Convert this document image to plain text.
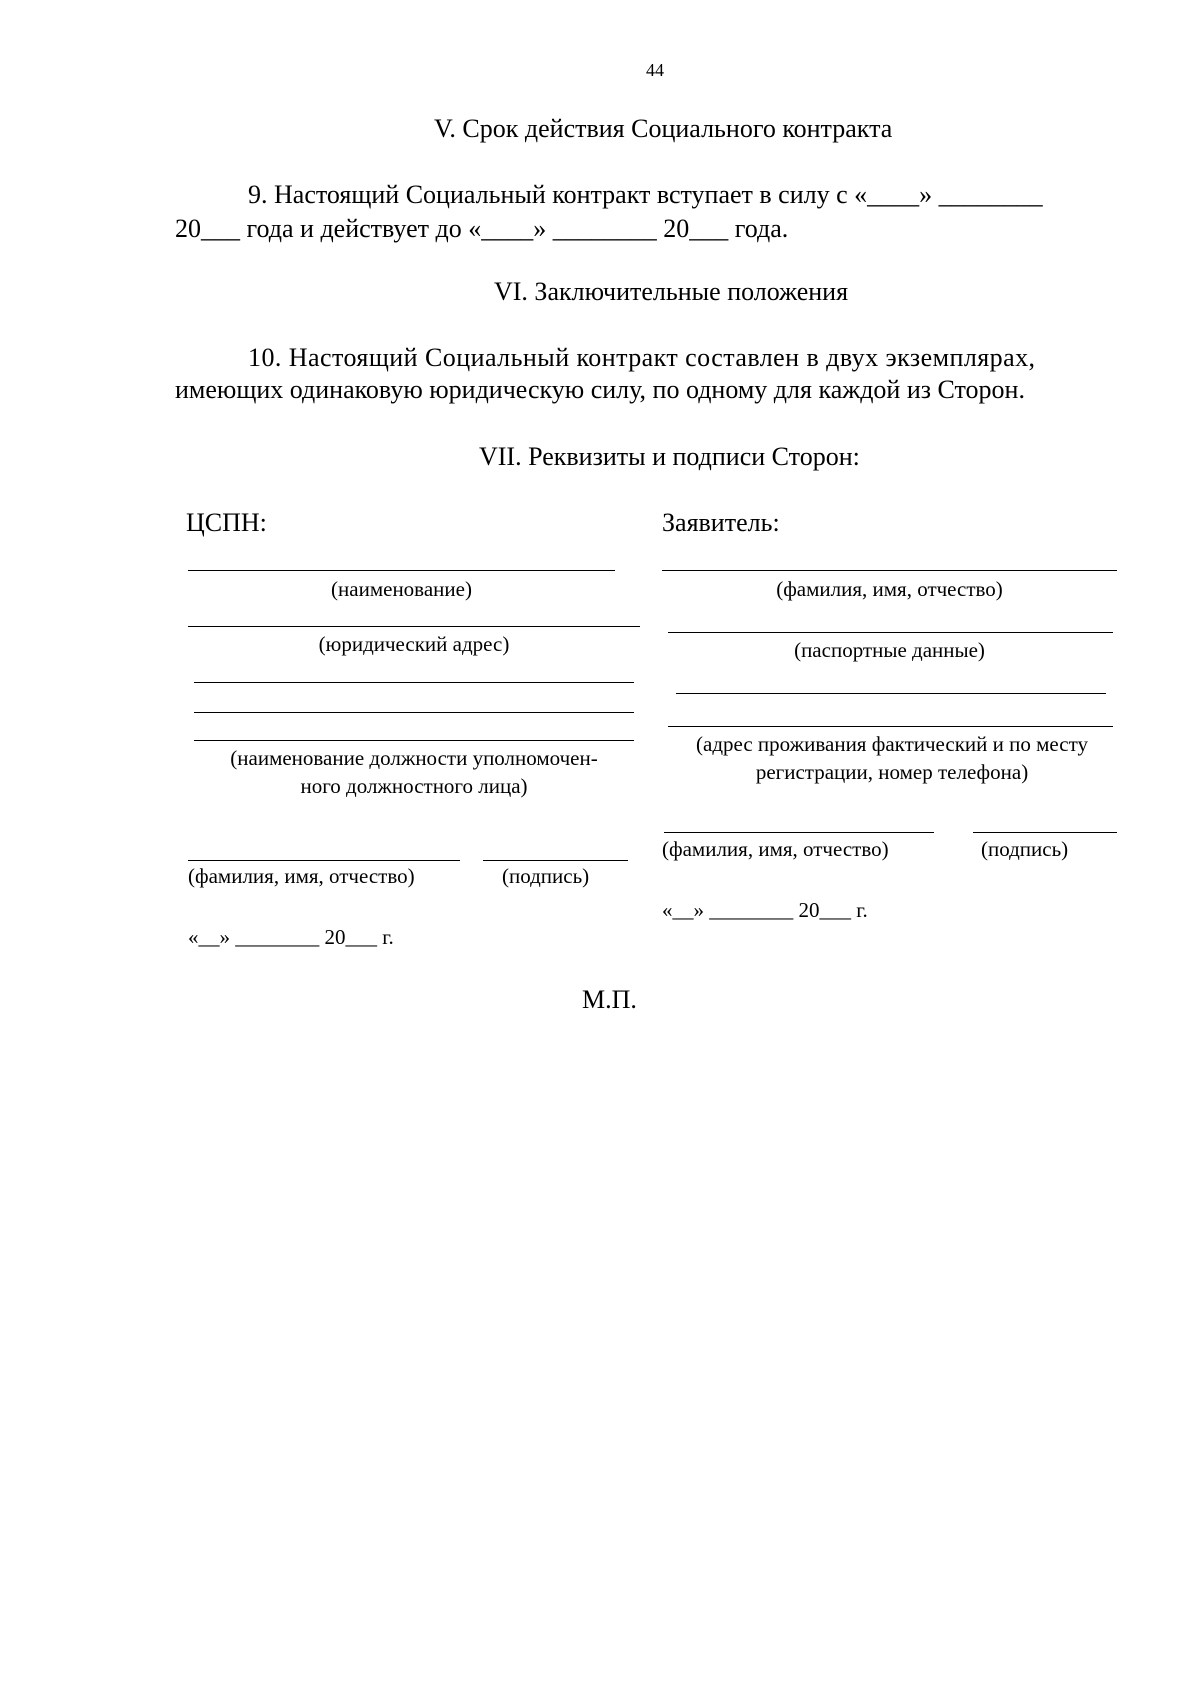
44
V. Срок действия Социального контракта
9. Настоящий Социальный контракт вступает в силу с «____» ________
20___ года и действует до «____» ________ 20___ года.
VI. Заключительные положения
10. Настоящий Социальный контракт составлен в двух экземплярах,
имеющих одинаковую юридическую силу, по одному для каждой из Сторон.
VII. Реквизиты и подписи Сторон:
ЦСПН:
(наименование)
(юридический адрес)
(наименование должности уполномочен-
ного должностного лица)
(фамилия, имя, отчество)	(подпись)
«__» ________ 20___ г.
Заявитель:
(фамилия, имя, отчество)
(паспортные данные)
(адрес проживания фактический и по месту
регистрации, номер телефона)
(фамилия, имя, отчество)	(подпись)
«__» ________ 20___ г.
М.П.
